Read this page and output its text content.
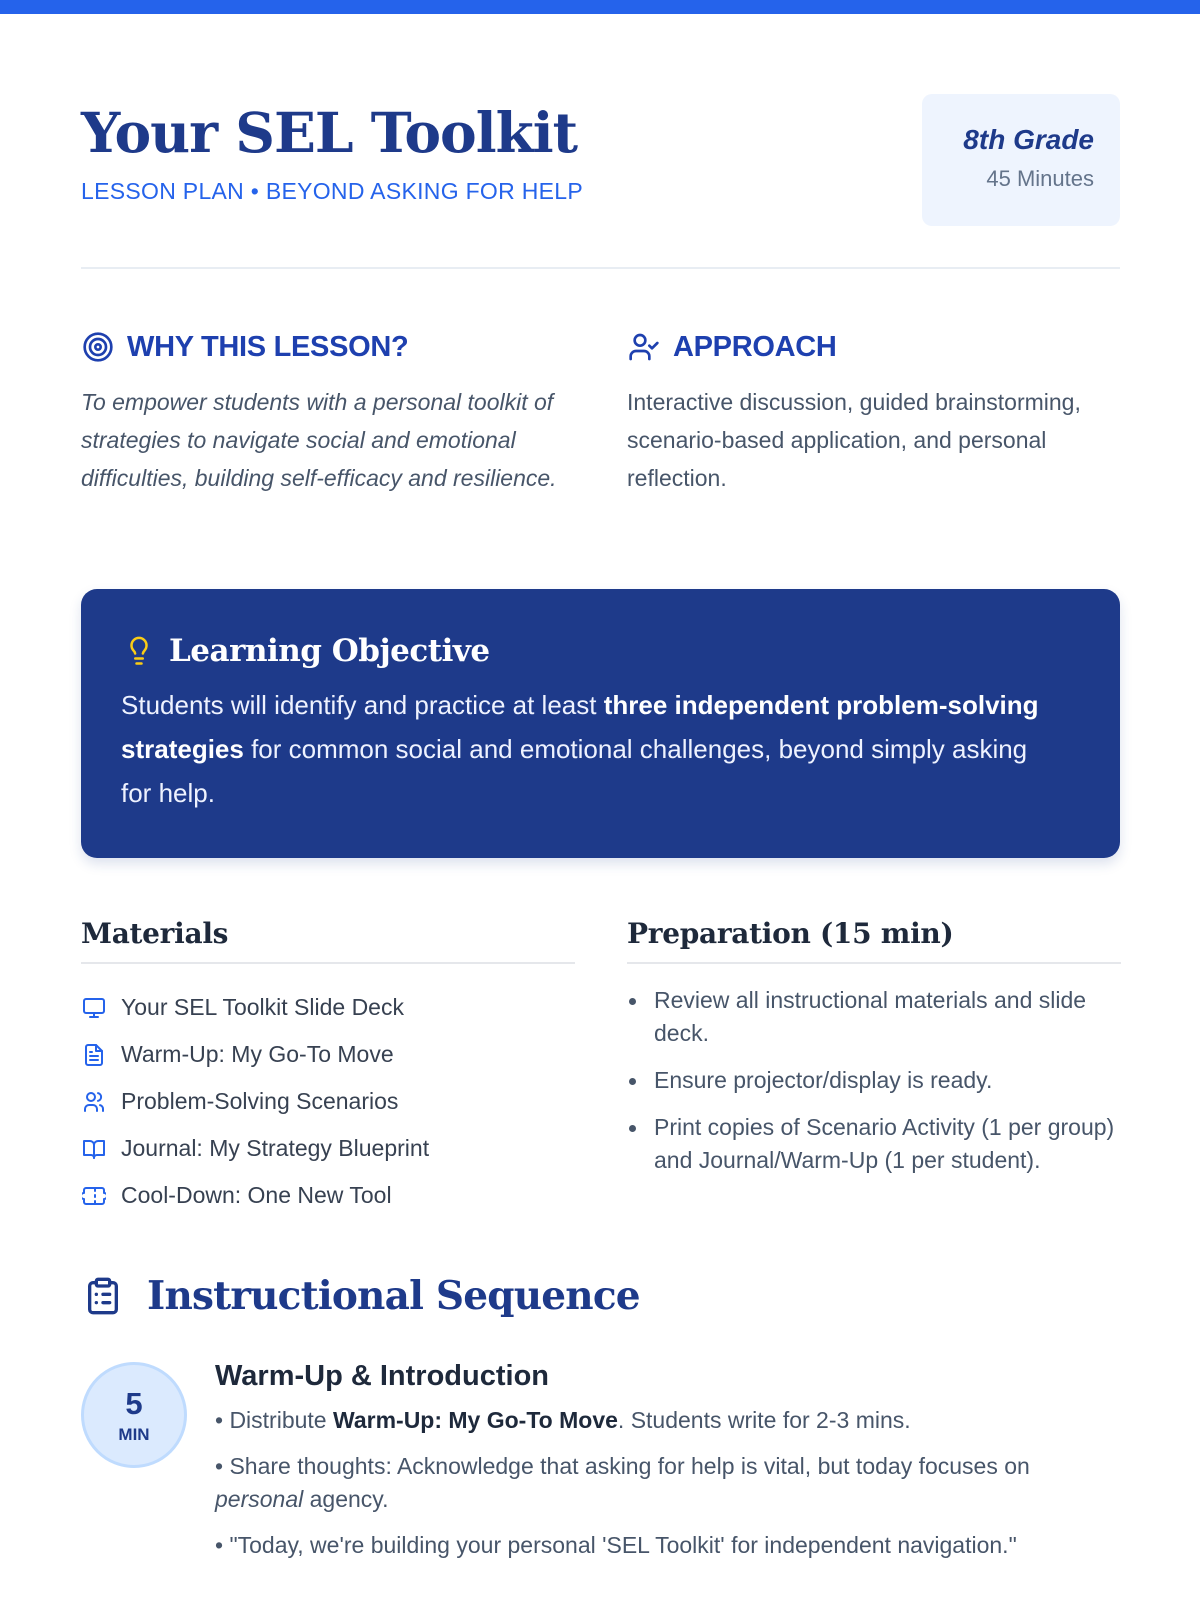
Your SEL Toolkit
LESSON PLAN • BEYOND ASKING FOR HELP
8th Grade
45 Minutes
WHY THIS LESSON?

To empower students with a personal toolkit of strategies to navigate social and emotional difficulties, building self-efficacy and resilience.

APPROACH

Interactive discussion, guided brainstorming, scenario-based application, and personal reflection.

Learning Objective

Students will identify and practice at least three independent problem-solving strategies for common social and emotional challenges, beyond simply asking for help.

Materials
Your SEL Toolkit Slide Deck
Warm-Up: My Go-To Move
Problem-Solving Scenarios
Journal: My Strategy Blueprint
Cool-Down: One New Tool
Preparation (15 min)
Review all instructional materials and slide deck.
Ensure projector/display is ready.
Print copies of Scenario Activity (1 per group) and Journal/Warm-Up (1 per student).
Instructional Sequence
5
MIN
Warm-Up & Introduction

• Distribute Warm-Up: My Go-To Move. Students write for 2-3 mins.

• Share thoughts: Acknowledge that asking for help is vital, but today focuses on personal agency.

• "Today, we're building your personal 'SEL Toolkit' for independent navigation."
